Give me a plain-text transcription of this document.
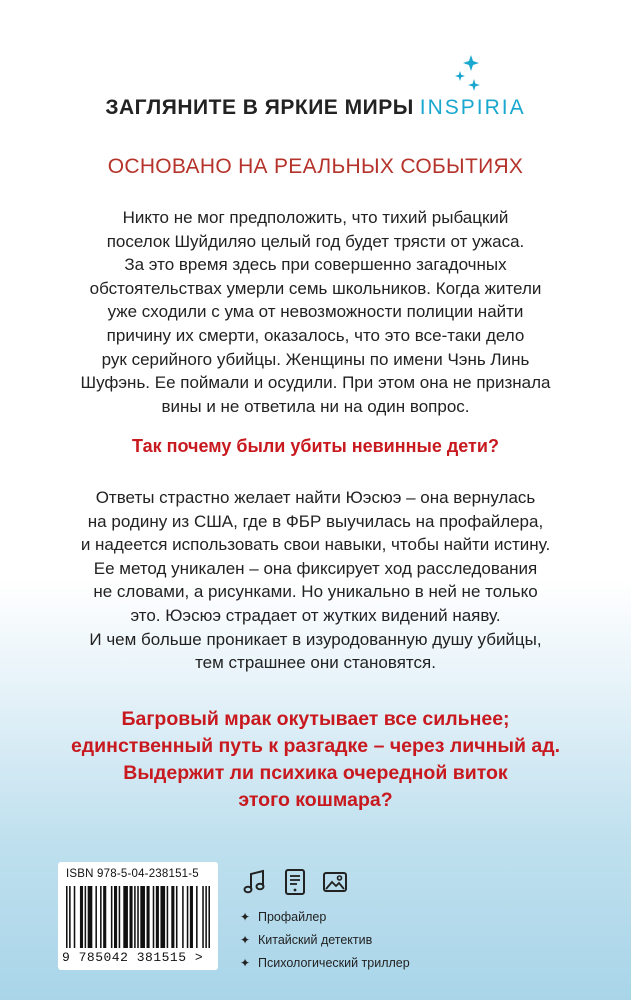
ЗАГЛЯНИТЕ В ЯРКИЕ МИРЫ INSPIRIA
ОСНОВАНО НА РЕАЛЬНЫХ СОБЫТИЯХ
Никто не мог предположить, что тихий рыбацкий
поселок Шуйдиляо целый год будет трясти от ужаса.
За это время здесь при совершенно загадочных
обстоятельствах умерли семь школьников. Когда жители
уже сходили с ума от невозможности полиции найти
причину их смерти, оказалось, что это все-таки дело
рук серийного убийцы. Женщины по имени Чэнь Линь
Шуфэнь. Ее поймали и осудили. При этом она не признала
вины и не ответила ни на один вопрос.
Так почему были убиты невинные дети?
Ответы страстно желает найти Юэсюэ – она вернулась
на родину из США, где в ФБР выучилась на профайлера,
и надеется использовать свои навыки, чтобы найти истину.
Ее метод уникален – она фиксирует ход расследования
не словами, а рисунками. Но уникально в ней не только
это. Юэсюэ страдает от жутких видений наяву.
И чем больше проникает в изуродованную душу убийцы,
тем страшнее они становятся.
Багровый мрак окутывает все сильнее;
единственный путь к разгадке – через личный ад.
Выдержит ли психика очередной виток
этого кошмара?
ISBN 978-5-04-238151-5
9 785042 381515 >
✦ Профайлер
✦ Китайский детектив
✦ Психологический триллер
